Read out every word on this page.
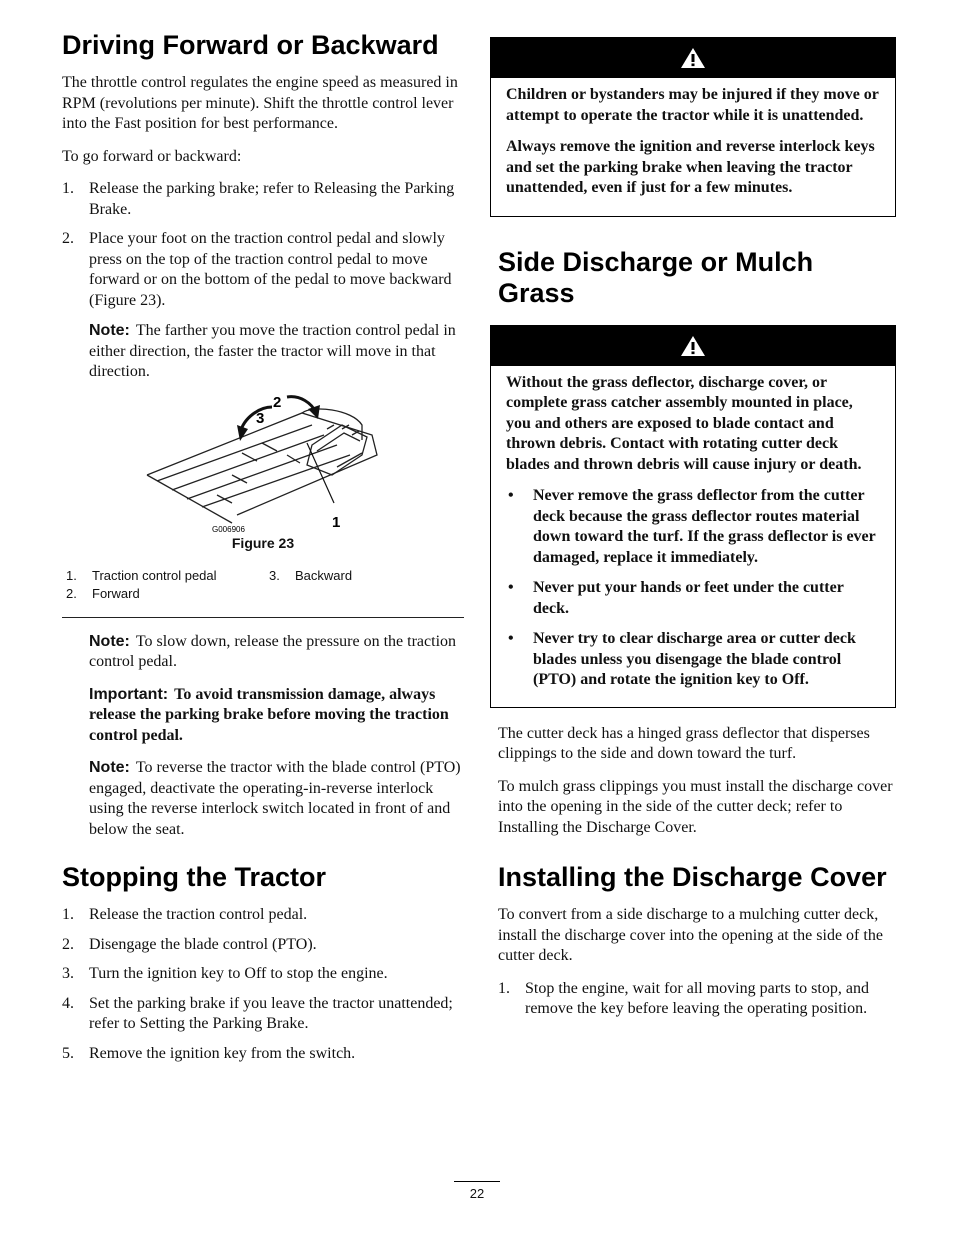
Driving Forward or Backward

The throttle control regulates the engine speed as measured in RPM (revolutions per minute). Shift the throttle control lever into the Fast position for best performance.

To go forward or backward:

1. Release the parking brake; refer to Releasing the Parking Brake.
2. Place your foot on the traction control pedal and slowly press on the top of the traction control pedal to move forward or on the bottom of the pedal to move backward (Figure 23).

Note: The farther you move the traction control pedal in either direction, the faster the tractor will move in that direction.

3
2
1
G006906
Figure 23
1. Traction control pedal
2. Forward
3. Backward

Note: To slow down, release the pressure on the traction control pedal.

Important: To avoid transmission damage, always release the parking brake before moving the traction control pedal.

Note: To reverse the tractor with the blade control (PTO) engaged, deactivate the operating-in-reverse interlock using the reverse interlock switch located in front of and below the seat.

Stopping the Tractor
1. Release the traction control pedal.
2. Disengage the blade control (PTO).
3. Turn the ignition key to Off to stop the engine.
4. Set the parking brake if you leave the tractor unattended; refer to Setting the Parking Brake.
5. Remove the ignition key from the switch.

Children or bystanders may be injured if they move or attempt to operate the tractor while it is unattended.

Always remove the ignition and reverse interlock keys and set the parking brake when leaving the tractor unattended, even if just for a few minutes.

Side Discharge or Mulch Grass

Without the grass deflector, discharge cover, or complete grass catcher assembly mounted in place, you and others are exposed to blade contact and thrown debris. Contact with rotating cutter deck blades and thrown debris will cause injury or death.

• Never remove the grass deflector from the cutter deck because the grass deflector routes material down toward the turf. If the grass deflector is ever damaged, replace it immediately.
• Never put your hands or feet under the cutter deck.
• Never try to clear discharge area or cutter deck blades unless you disengage the blade control (PTO) and rotate the ignition key to Off.

The cutter deck has a hinged grass deflector that disperses clippings to the side and down toward the turf.

To mulch grass clippings you must install the discharge cover into the opening in the side of the cutter deck; refer to Installing the Discharge Cover.

Installing the Discharge Cover

To convert from a side discharge to a mulching cutter deck, install the discharge cover into the opening at the side of the cutter deck.

1. Stop the engine, wait for all moving parts to stop, and remove the key before leaving the operating position.
22
